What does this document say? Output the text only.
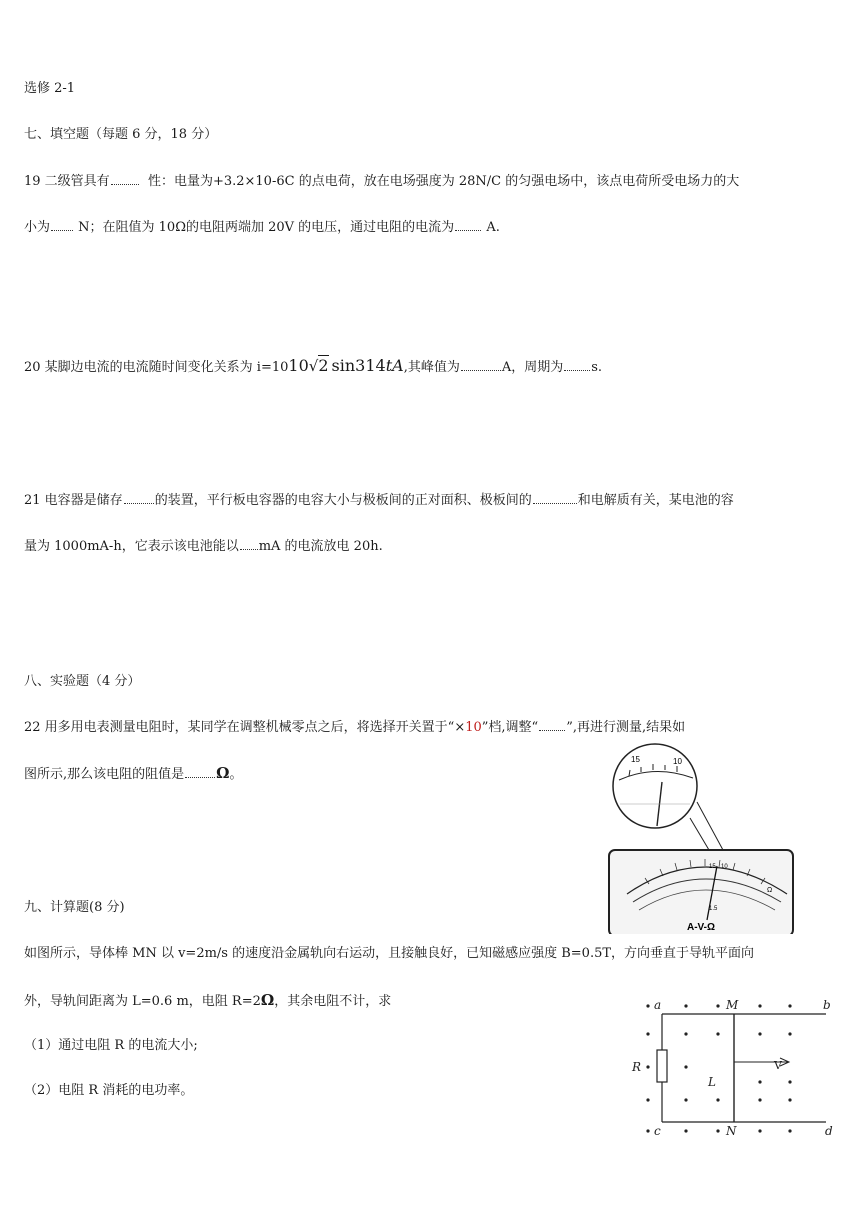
选修 2-1
七、填空题（每题 6 分，18 分）
19 二级管具有	性：电量为+3.2×10-6C 的点电荷，放在电场强度为 28N/C 的匀强电场中，该点电荷所受电场力的大
小为 N；在阻值为 10Ω的电阻两端加 20V 的电压，通过电阻的电流为 A.
20 某脚边电流的电流随时间变化关系为 i=1010√2 sin314tA,其峰值为	A，周期为 s.
21 电容器是储存 的装置，平行板电容器的电容大小与极板间的正对面积、极板间的	和电解质有关，某电池的容
量为 1000mA-h，它表示该电池能以 mA 的电流放电 20h.
八、实验题（4 分）
22 用多用电表测量电阻时，某同学在调整机械零点之后，将选择开关置于“×10”档,调整“ ”,再进行测量,结果如
图所示,那么该电阻的阻值是 Ω。
15	10
15 10
Ω
1.5
A-V-Ω
九、计算题(8 分)
如图所示，导体棒 MN 以 v=2m/s 的速度沿金属轨向右运动，且接触良好，已知磁感应强度 B=0.5T，方向垂直于导轨平面向
外，导轨间距离为 L=0.6 m，电阻 R=2Ω，其余电阻不计，求
（1）通过电阻 R 的电流大小;
（2）电阻 R 消耗的电功率。
a	M	b
R
L
V
c	N	d
